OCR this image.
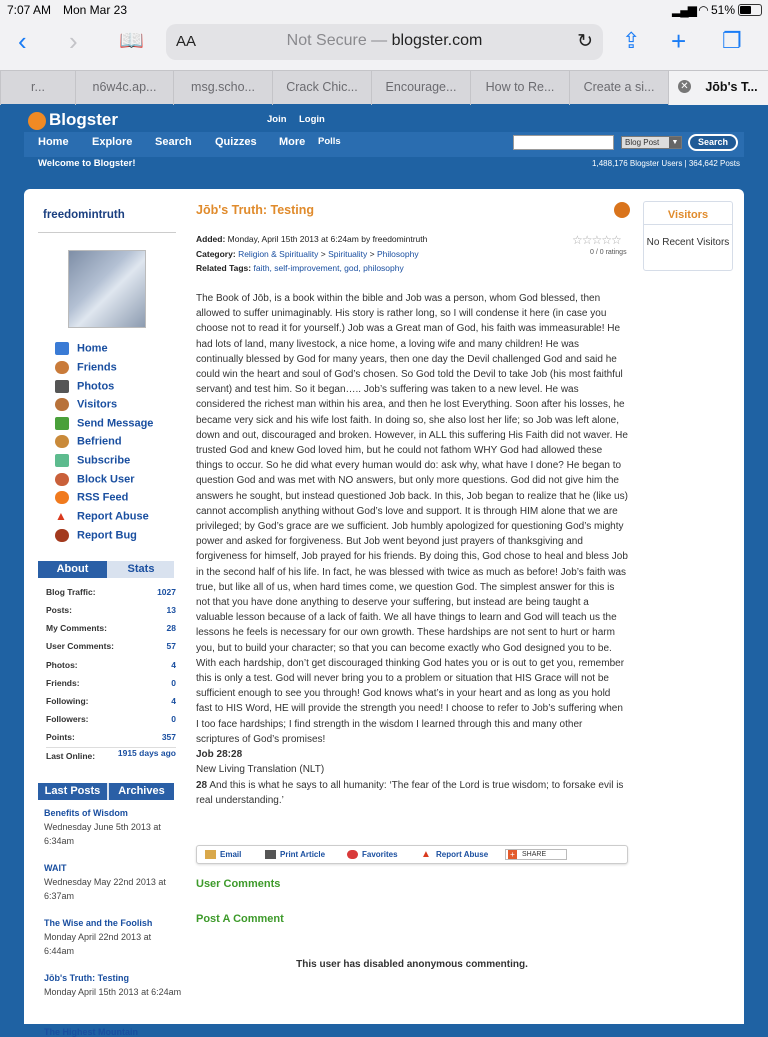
7:07 AM Mon Mar 23	▂▄▆ ◠ 51%
‹ › 📖 AA	Not Secure — blogster.com	↻ ⇪ + ❐
r...	n6w4c.ap...	msg.scho...	Crack Chic...	Encourage...	How to Re...	Create a si...	Jōb's T...
✕
Blogster	Join Login
Home Explore Search Quizzes More Polls	Blog Post	▼	Search
Welcome to Blogster!	1,488,176 Blogster Users | 364,642 Posts
freedomintruth
Home
Friends
Photos
Visitors
Send Message
Befriend
Subscribe
Block User
RSS Feed
▲ Report Abuse
Report Bug
About	Stats
Blog Traffic:	1027
Posts:	13
My Comments:	28
User Comments:	57
Photos:	4
Friends:	0
Following:	4
Followers:	0
Points:	357
Last Online:	1915 days ago
Last Posts	Archives
Benefits of Wisdom
Wednesday June 5th 2013 at 6:34am
WAIT
Wednesday May 22nd 2013 at 6:37am
The Wise and the Foolish
Monday April 22nd 2013 at 6:44am
Jōb's Truth: Testing
Monday April 15th 2013 at 6:24am
The Highest Mountain
Jōb's Truth: Testing
Added: Monday, April 15th 2013 at 6:24am by freedomintruth
Category: Religion & Spirituality > Spirituality > Philosophy
Related Tags: faith, self-improvement, god, philosophy
☆☆☆☆☆
0 / 0 ratings

The Book of Jōb, is a book within the bible and Job was a person, whom God blessed, then allowed to suffer unimaginably. His story is rather long, so I will condense it here (in case you choose not to read it for yourself.) Job was a Great man of God, his faith was immeasurable! He had lots of land, many livestock, a nice home, a loving wife and many children! He was continually blessed by God for many years, then one day the Devil challenged God and said he could win the heart and soul of God’s chosen. So God told the Devil to take Job (his most faithful servant) and test him. So it began….. Job’s suffering was taken to a new level. He was considered the richest man within his area, and then he lost Everything. Soon after his losses, he became very sick and his wife lost faith. In doing so, she also lost her life; so Job was left alone, down and out, discouraged and broken. However, in ALL this suffering His Faith did not waver. He trusted God and knew God loved him, but he could not fathom WHY God had allowed these things to occur. So he did what every human would do: ask why, what have I done? He began to question God and was met with NO answers, but only more questions. God did not give him the answers he sought, but instead questioned Job back. In this, Job began to realize that he (like us) cannot accomplish anything without God’s love and support. It is through HIM alone that we are privileged; by God’s grace are we sufficient. Job humbly apologized for questioning God’s mighty power and asked for forgiveness. But Job went beyond just prayers of thanksgiving and forgiveness for himself, Job prayed for his friends. By doing this, God chose to heal and bless Job in the second half of his life. In fact, he was blessed with twice as much as before! Job’s faith was true, but like all of us, when hard times come, we question God. The simplest answer for this is not that you have done anything to deserve your suffering, but instead are being taught a valuable lesson because of a lack of faith. We all have things to learn and God will teach us the lessons he feels is necessary for our own growth. These hardships are not sent to hurt or harm you, but to build your character; so that you can become exactly who God designed you to be. With each hardship, don’t get discouraged thinking God hates you or is out to get you, remember this is only a test. God will never bring you to a problem or situation that HIS Grace will not be sufficient enough to see you through! God knows what’s in your heart and as long as you hold fast to HIS Word, HE will provide the strength you need! I choose to refer to Job’s suffering when I too face hardships; I find strength in the wisdom I learned through this and many other scriptures of God’s promises!

Job 28:28

New Living Translation (NLT)

28 And this is what he says to all humanity: ‘The fear of the Lord is true wisdom; to forsake evil is real understanding.’

Email	Print Article	Favorites ▲ Report Abuse	+ SHARE
User Comments
Post A Comment
This user has disabled anonymous commenting.
Visitors
No Recent Visitors
